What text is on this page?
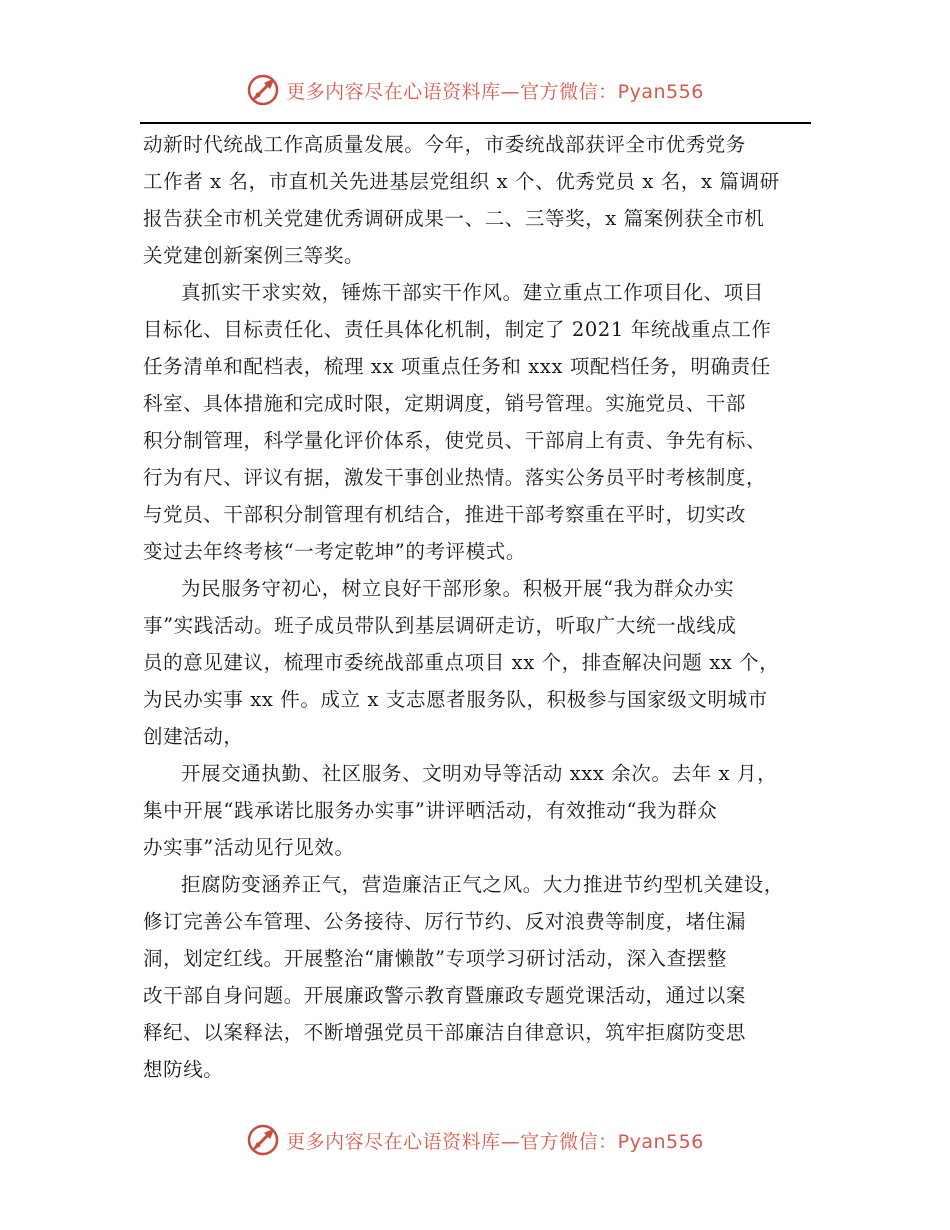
更多内容尽在心语资料库—官方微信：Pyan556
动新时代统战工作高质量发展。今年，市委统战部获评全市优秀党务
工作者 x 名，市直机关先进基层党组织 x 个、优秀党员 x 名，x 篇调研
报告获全市机关党建优秀调研成果一、二、三等奖，x 篇案例获全市机
关党建创新案例三等奖。
真抓实干求实效，锤炼干部实干作风。建立重点工作项目化、项目
目标化、目标责任化、责任具体化机制，制定了 2021 年统战重点工作
任务清单和配档表，梳理 xx 项重点任务和 xxx 项配档任务，明确责任
科室、具体措施和完成时限，定期调度，销号管理。实施党员、干部
积分制管理，科学量化评价体系，使党员、干部肩上有责、争先有标、
行为有尺、评议有据，激发干事创业热情。落实公务员平时考核制度，
与党员、干部积分制管理有机结合，推进干部考察重在平时，切实改
变过去年终考核“一考定乾坤”的考评模式。
为民服务守初心，树立良好干部形象。积极开展“我为群众办实
事”实践活动。班子成员带队到基层调研走访，听取广大统一战线成
员的意见建议，梳理市委统战部重点项目 xx 个，排查解决问题 xx 个，
为民办实事 xx 件。成立 x 支志愿者服务队，积极参与国家级文明城市
创建活动，
开展交通执勤、社区服务、文明劝导等活动 xxx 余次。去年 x 月，
集中开展“践承诺比服务办实事”讲评晒活动，有效推动“我为群众
办实事”活动见行见效。
拒腐防变涵养正气，营造廉洁正气之风。大力推进节约型机关建设，
修订完善公车管理、公务接待、厉行节约、反对浪费等制度，堵住漏
洞，划定红线。开展整治“庸懒散”专项学习研讨活动，深入查摆整
改干部自身问题。开展廉政警示教育暨廉政专题党课活动，通过以案
释纪、以案释法，不断增强党员干部廉洁自律意识，筑牢拒腐防变思
想防线。
更多内容尽在心语资料库—官方微信：Pyan556
